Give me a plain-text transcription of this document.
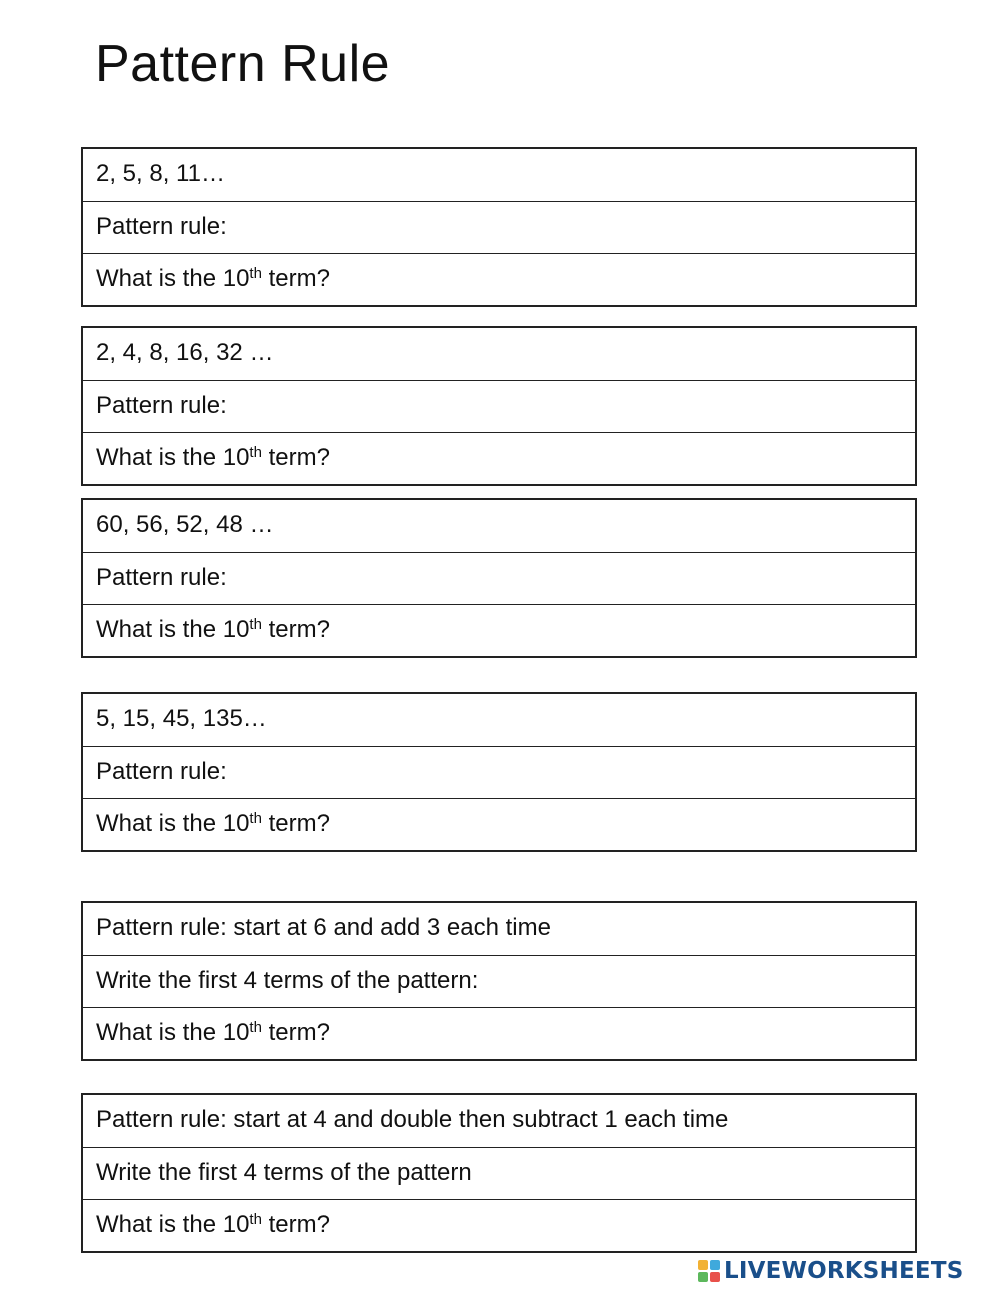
Pattern Rule
2, 5, 8, 11…
Pattern rule:
What is the 10th term?
2, 4, 8, 16, 32 …
Pattern rule:
What is the 10th term?
60, 56, 52, 48 …
Pattern rule:
What is the 10th term?
5, 15, 45, 135…
Pattern rule:
What is the 10th term?
Pattern rule: start at 6 and add 3 each time
Write the first 4 terms of the pattern:
What is the 10th term?
Pattern rule: start at 4 and double then subtract 1 each time
Write the first 4 terms of the pattern
What is the 10th term?
LIVEWORKSHEETS
